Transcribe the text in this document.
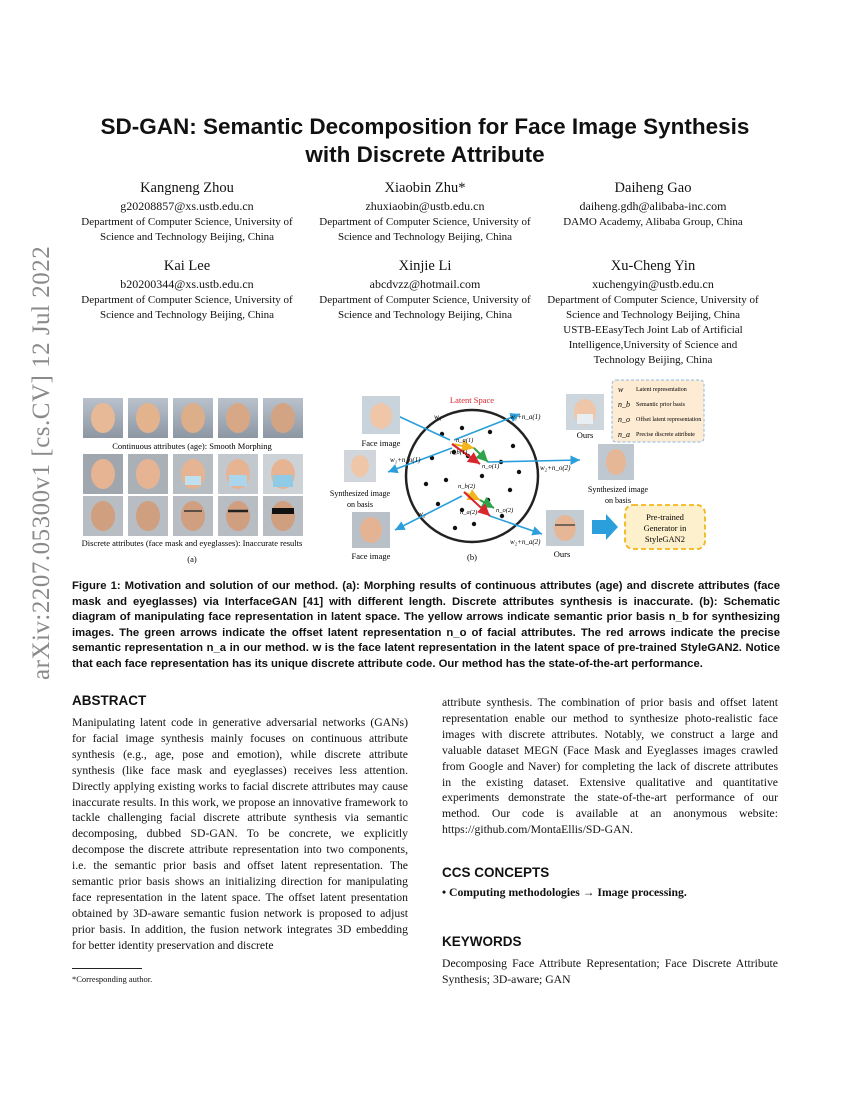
arXiv:2207.05300v1 [cs.CV] 12 Jul 2022
SD-GAN: Semantic Decomposition for Face Image Synthesis
with Discrete Attribute
Kangneng Zhou
g20208857@xs.ustb.edu.cn
Department of Computer Science, University of
Science and Technology Beijing, China
Xiaobin Zhu*
zhuxiaobin@ustb.edu.cn
Department of Computer Science, University of
Science and Technology Beijing, China
Daiheng Gao
daiheng.gdh@alibaba-inc.com
DAMO Academy, Alibaba Group, China
Kai Lee
b20200344@xs.ustb.edu.cn
Department of Computer Science, University of
Science and Technology Beijing, China
Xinjie Li
abcdvzz@hotmail.com
Department of Computer Science, University of
Science and Technology Beijing, China
Xu-Cheng Yin
xuchengyin@ustb.edu.cn
Department of Computer Science, University of
Science and Technology Beijing, China
USTB-EEasyTech Joint Lab of Artificial
Intelligence,University of Science and
Technology Beijing, China
Continuous attributes (age): Smooth Morphing
Discrete attributes (face mask and eyeglasses): Inaccurate results
(a)
Latent Space
w₁	w₁+n_a(1)
w₁+n_o(1)
n_a(1)
n_b(1)
n_o(1)	w₂+n_o(2)
n_b(2)
n_o(2)
n_a(2)
w₂
w₂+n_a(2)
(b)
Face image
Synthesized image
on basis
Face image
Ours
Synthesized image
on basis
Ours
w Latent representation
n_b Semantic prior basis
n_o Offset latent representation
n_a Precise discrete attribute
Pre-trained
Generator in
StyleGAN2
Figure 1: Motivation and solution of our method. (a): Morphing results of continuous attributes (age) and discrete attributes (face mask and eyeglasses) via InterfaceGAN [41] with different length. Discrete attributes synthesis is inaccurate. (b): Schematic diagram of manipulating face representation in latent space. The yellow arrows indicate semantic prior basis n_b for synthesizing images. The green arrows indicate the offset latent representation n_o of facial attributes. The red arrows indicate the precise semantic representation n_a in our method. w is the face latent representation in the latent space of pre-trained StyleGAN2. Notice that each face representation has its unique discrete attribute code. Our method has the state-of-the-art performance.
ABSTRACT
Manipulating latent code in generative adversarial networks (GANs) for facial image synthesis mainly focuses on continuous attribute synthesis (e.g., age, pose and emotion), while discrete attribute synthesis (like face mask and eyeglasses) receives less attention. Directly applying existing works to facial discrete attributes may cause inaccurate results. In this work, we propose an innovative framework to tackle challenging facial discrete attribute synthesis via semantic decomposing, dubbed SD-GAN. To be concrete, we explicitly decompose the discrete attribute representation into two components, i.e. the semantic prior basis and offset latent representation. The semantic prior basis shows an initializing direction for manipulating face representation in the latent space. The offset latent presentation obtained by 3D-aware semantic fusion network is proposed to adjust prior basis. In addition, the fusion network integrates 3D embedding for better identity preservation and discrete
attribute synthesis. The combination of prior basis and offset latent representation enable our method to synthesize photo-realistic face images with discrete attributes. Notably, we construct a large and valuable dataset MEGN (Face Mask and Eyeglasses images crawled from Google and Naver) for completing the lack of discrete attributes in the existing dataset. Extensive qualitative and quantitative experiments demonstrate the state-of-the-art performance of our method. Our code is available at an anonymous website: https://github.com/MontaEllis/SD-GAN.
CCS CONCEPTS
• Computing methodologies → Image processing.
KEYWORDS
Decomposing Face Attribute Representation; Face Discrete Attribute Synthesis; 3D-aware; GAN
*Corresponding author.
